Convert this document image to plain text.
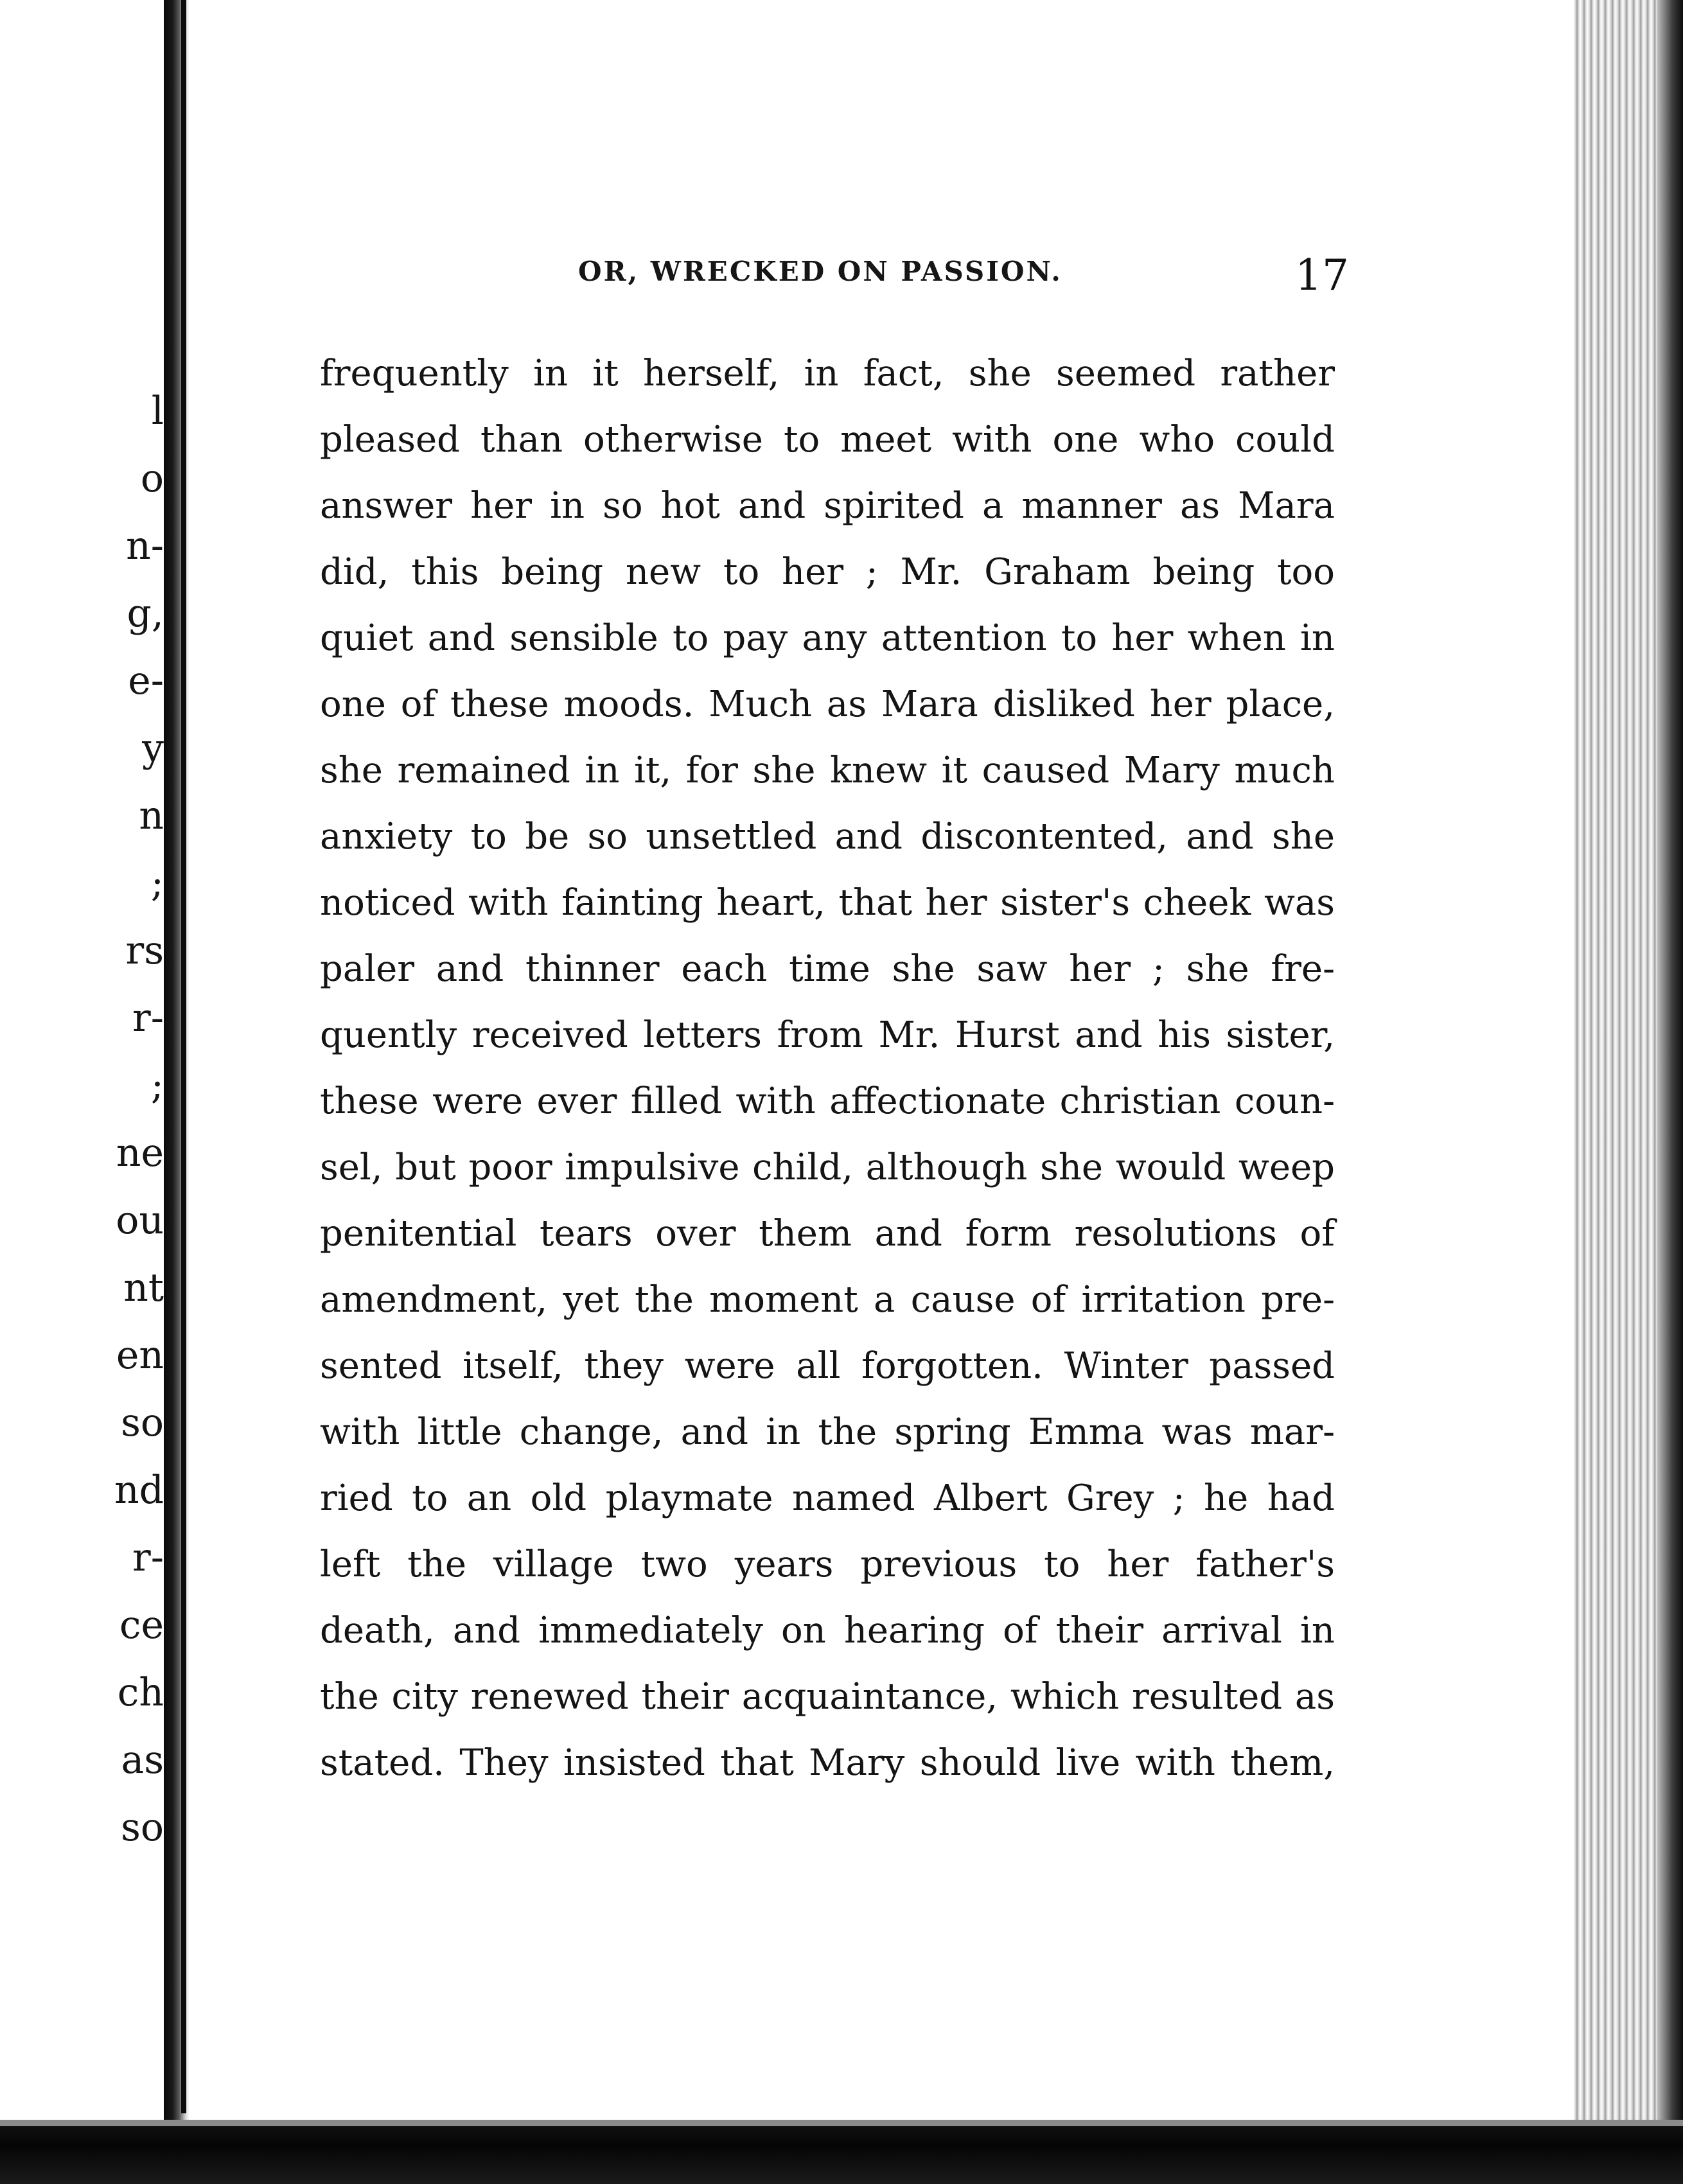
l
o
n-
g,
e-
y
n
;
rs
r-
;
ne
ou
nt
en
so
nd
r-
ce
ch
as
so
OR, WRECKED ON PASSION.	17
frequently in it herself, in fact, she seemed rather
pleased than otherwise to meet with one who could
answer her in so hot and spirited a manner as Mara
did, this being new to her ; Mr. Graham being too
quiet and sensible to pay any attention to her when in
one of these moods. Much as Mara disliked her place,
she remained in it, for she knew it caused Mary much
anxiety to be so unsettled and discontented, and she
noticed with fainting heart, that her sister's cheek was
paler and thinner each time she saw her ; she fre-
quently received letters from Mr. Hurst and his sister,
these were ever filled with affectionate christian coun-
sel, but poor impulsive child, although she would weep
penitential tears over them and form resolutions of
amendment, yet the moment a cause of irritation pre-
sented itself, they were all forgotten. Winter passed
with little change, and in the spring Emma was mar-
ried to an old playmate named Albert Grey ; he had
left the village two years previous to her father's
death, and immediately on hearing of their arrival in
the city renewed their acquaintance, which resulted as
stated. They insisted that Mary should live with them,
